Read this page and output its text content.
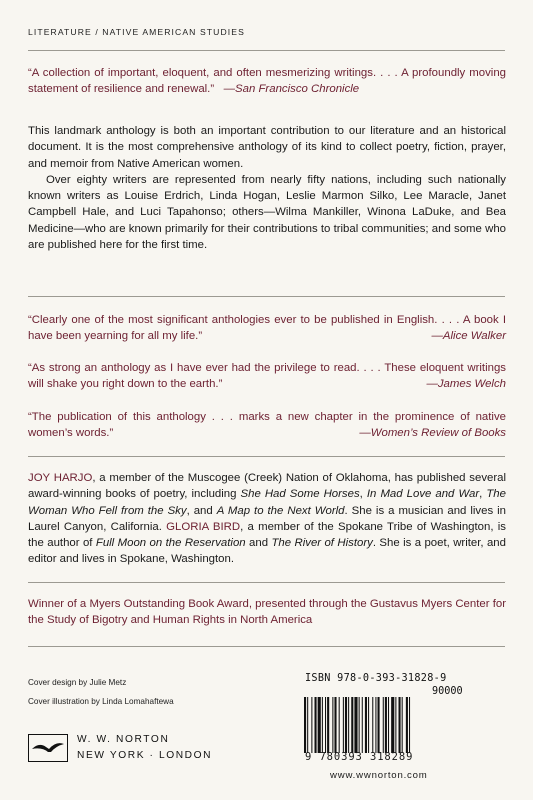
LITERATURE / NATIVE AMERICAN STUDIES
“A collection of important, eloquent, and often mesmerizing writings. . . . A profoundly moving statement of resilience and renewal.” —San Francisco Chronicle

This landmark anthology is both an important contribution to our literature and an historical document. It is the most comprehensive anthology of its kind to collect poetry, fiction, prayer, and memoir from Native American women.

Over eighty writers are represented from nearly fifty nations, including such nationally known writers as Louise Erdrich, Linda Hogan, Leslie Marmon Silko, Lee Maracle, Janet Campbell Hale, and Luci Tapahonso; others—Wilma Mankiller, Winona LaDuke, and Bea Medicine—who are known primarily for their contributions to tribal communities; and some who are published here for the first time.

“Clearly one of the most significant anthologies ever to be published in English. . . . A book I have been yearning for all my life.”	—Alice Walker
“As strong an anthology as I have ever had the privilege to read. . . . These eloquent writings will shake you right down to the earth.”	—James Welch
“The publication of this anthology . . . marks a new chapter in the prominence of native women’s words.”	—Women’s Review of Books
JOY HARJO, a member of the Muscogee (Creek) Nation of Oklahoma, has published several award-winning books of poetry, including She Had Some Horses, In Mad Love and War, The Woman Who Fell from the Sky, and A Map to the Next World. She is a musician and lives in Laurel Canyon, California. GLORIA BIRD, a member of the Spokane Tribe of Washington, is the author of Full Moon on the Reservation and The River of History. She is a poet, writer, and editor and lives in Spokane, Washington.
Winner of a Myers Outstanding Book Award, presented through the Gustavus Myers Center for the Study of Bigotry and Human Rights in North America
Cover design by Julie Metz
Cover illustration by Linda Lomahaftewa
ISBN 978-0-393-31828-9
90000
9 780393 318289
www.wwnorton.com
W. W. NORTON
NEW YORK · LONDON
